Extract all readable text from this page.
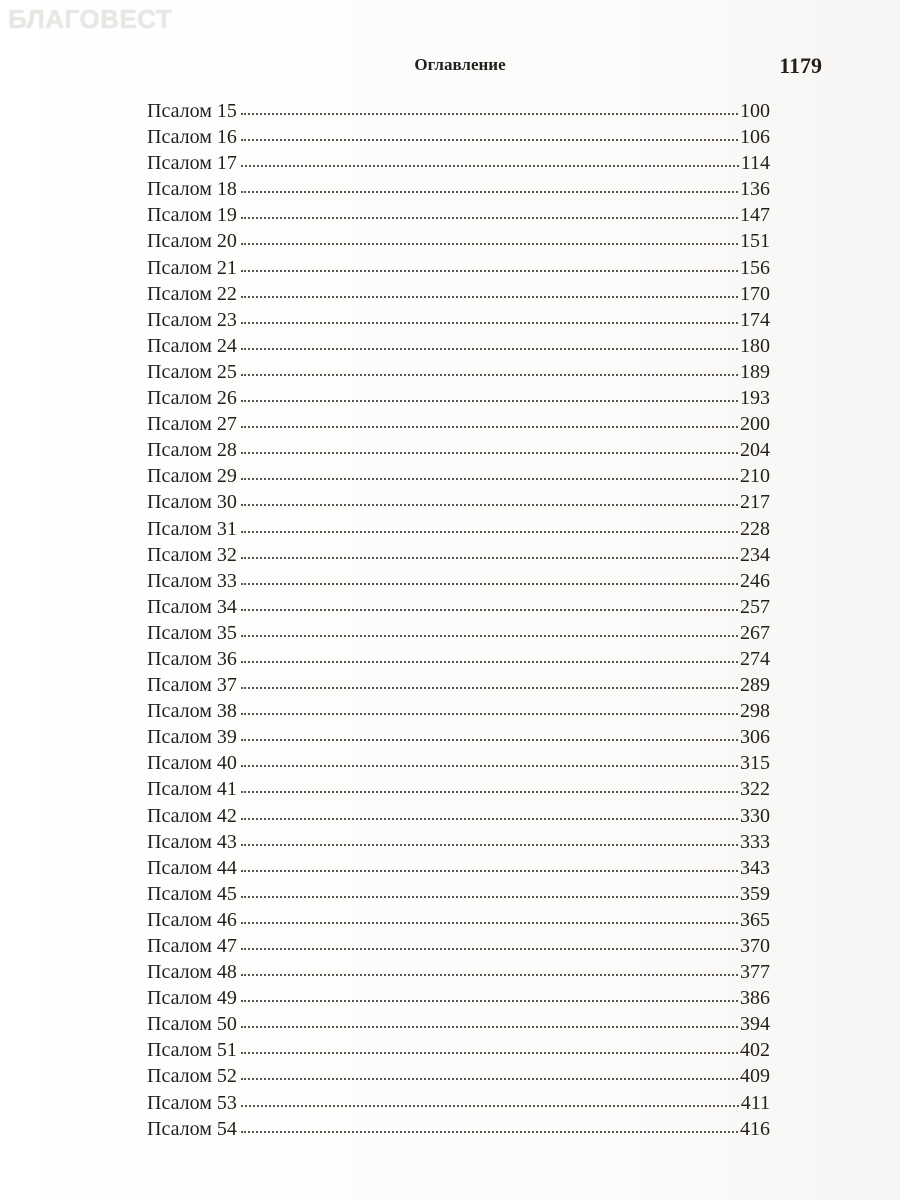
БЛАГОВЕСТ
Оглавление	1179
Псалом 15	100
Псалом 16	106
Псалом 17	114
Псалом 18	136
Псалом 19	147
Псалом 20	151
Псалом 21	156
Псалом 22	170
Псалом 23	174
Псалом 24	180
Псалом 25	189
Псалом 26	193
Псалом 27	200
Псалом 28	204
Псалом 29	210
Псалом 30	217
Псалом 31	228
Псалом 32	234
Псалом 33	246
Псалом 34	257
Псалом 35	267
Псалом 36	274
Псалом 37	289
Псалом 38	298
Псалом 39	306
Псалом 40	315
Псалом 41	322
Псалом 42	330
Псалом 43	333
Псалом 44	343
Псалом 45	359
Псалом 46	365
Псалом 47	370
Псалом 48	377
Псалом 49	386
Псалом 50	394
Псалом 51	402
Псалом 52	409
Псалом 53	411
Псалом 54	416
